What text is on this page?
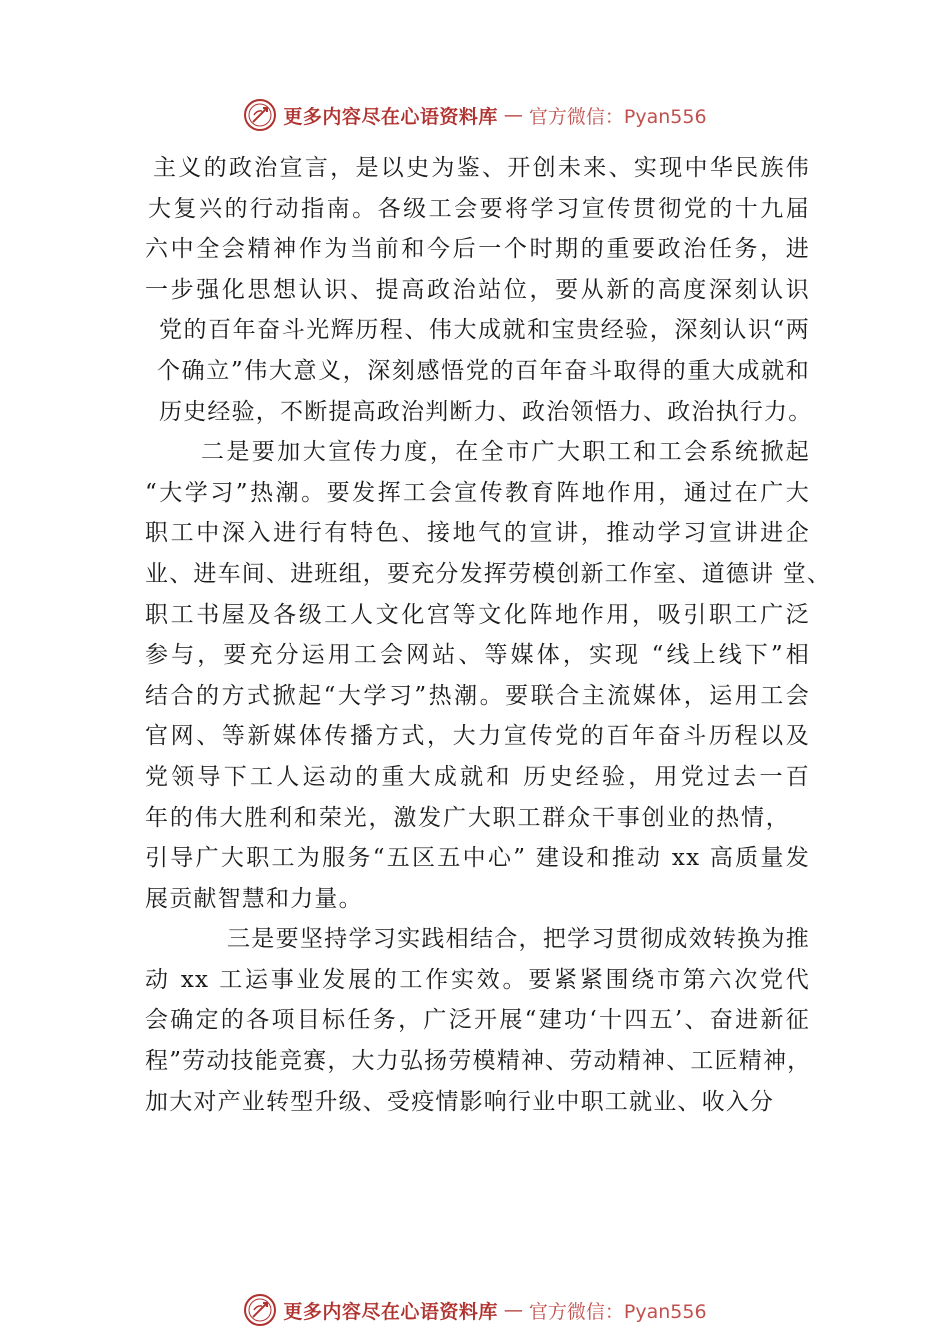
更多内容尽在心语资料库 — 官方微信：Pyan556
主义的政治宣言，是以史为鉴、开创未来、实现中华民族伟
大复兴的行动指南。各级工会要将学习宣传贯彻党的十九届
六中全会精神作为当前和今后一个时期的重要政治任务，进
一步强化思想认识、提高政治站位，要从新的高度深刻认识
党的百年奋斗光辉历程、伟大成就和宝贵经验，深刻认识“两
个确立”伟大意义，深刻感悟党的百年奋斗取得的重大成就和
历史经验，不断提高政治判断力、政治领悟力、政治执行力。
二是要加大宣传力度，在全市广大职工和工会系统掀起
“大学习”热潮。要发挥工会宣传教育阵地作用，通过在广大
职工中深入进行有特色、接地气的宣讲，推动学习宣讲进企
业、进车间、进班组，要充分发挥劳模创新工作室、道德讲 堂、
职工书屋及各级工人文化宫等文化阵地作用，吸引职工广泛
参与，要充分运用工会网站、等媒体，实现 “线上线下”相
结合的方式掀起“大学习”热潮。要联合主流媒体，运用工会
官网、等新媒体传播方式，大力宣传党的百年奋斗历程以及
党领导下工人运动的重大成就和 历史经验，用党过去一百
年的伟大胜利和荣光，激发广大职工群众干事创业的热情，
引导广大职工为服务“五区五中心” 建设和推动 xx 高质量发
展贡献智慧和力量。
三是要坚持学习实践相结合，把学习贯彻成效转换为推
动 xx 工运事业发展的工作实效。要紧紧围绕市第六次党代
会确定的各项目标任务，广泛开展“建功‘十四五’、奋进新征
程”劳动技能竞赛，大力弘扬劳模精神、劳动精神、工匠精神，
加大对产业转型升级、受疫情影响行业中职工就业、收入分
更多内容尽在心语资料库 — 官方微信：Pyan556
